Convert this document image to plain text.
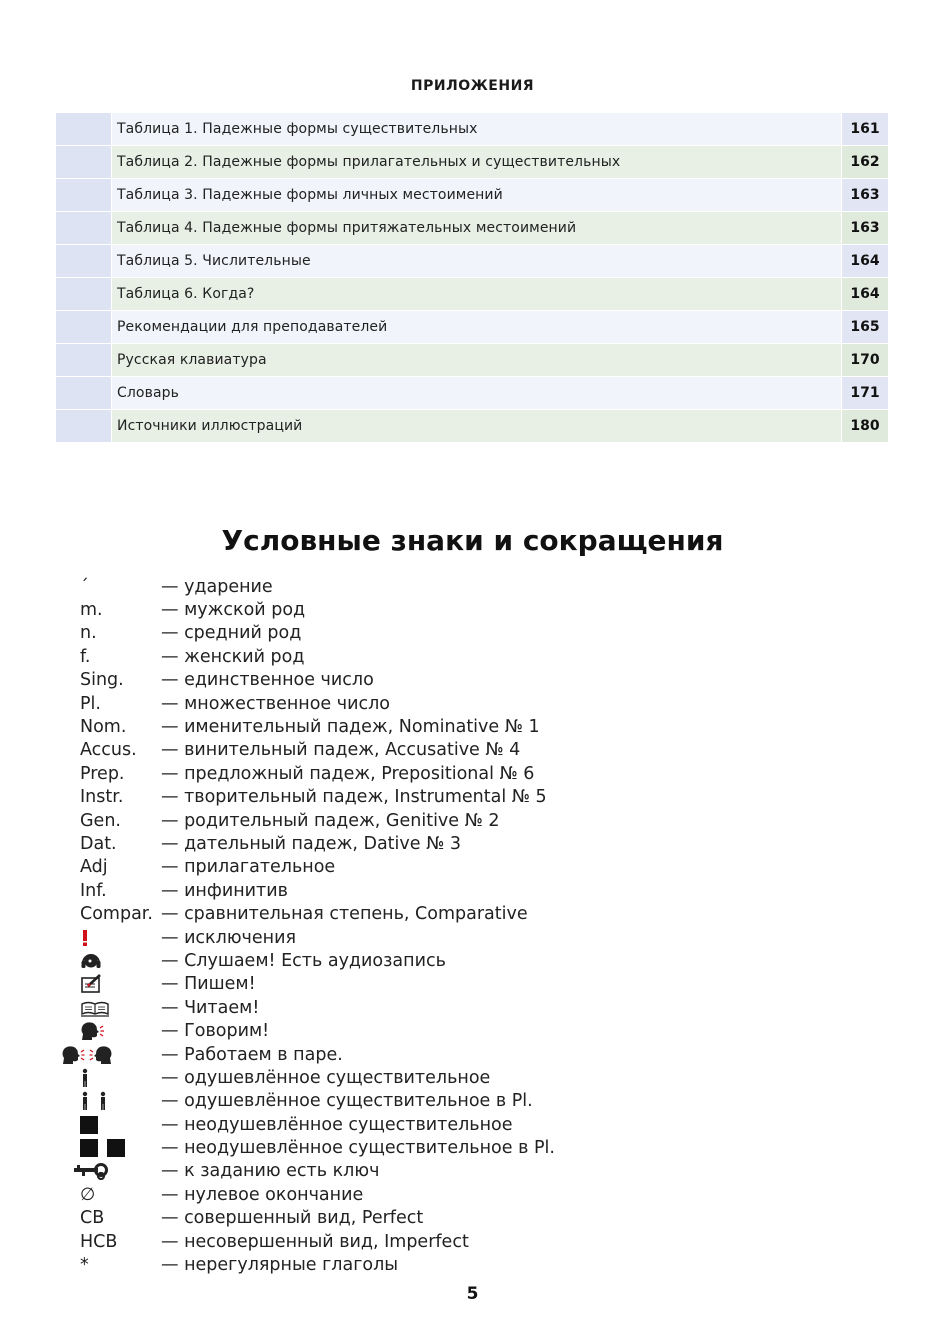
ПРИЛОЖЕНИЯ
Таблица 1. Падежные формы существительных	161
Таблица 2. Падежные формы прилагательных и существительных	162
Таблица 3. Падежные формы личных местоимений	163
Таблица 4. Падежные формы притяжательных местоимений	163
Таблица 5. Числительные	164
Таблица 6. Когда?	164
Рекомендации для преподавателей	165
Русская клавиатура	170
Словарь	171
Источники иллюстраций	180
Условные знаки и сокращения
´	— ударение
m.	— мужской род
n.	— средний род
f.	— женский род
Sing.	— единственное число
Pl.	— множественное число
Nom.	— именительный падеж, Nominative № 1
Accus.	— винительный падеж, Accusative № 4
Prep.	— предложный падеж, Prepositional № 6
Instr.	— творительный падеж, Instrumental № 5
Gen.	— родительный падеж, Genitive № 2
Dat.	— дательный падеж, Dative № 3
Adj	— прилагательное
Inf.	— инфинитив
Compar. — сравнительная степень, Comparative
— исключения
— Слушаем! Есть аудиозапись
— Пишем!
— Читаем!
— Говорим!
— Работаем в паре.
— одушевлённое существительное
— одушевлённое существительное в Pl.
— неодушевлённое существительное
— неодушевлённое существительное в Pl.
— к заданию есть ключ
∅	— нулевое окончание
СВ	— совершенный вид, Perfect
НСВ	— несовершенный вид, Imperfect
*	— нерегулярные глаголы
5
